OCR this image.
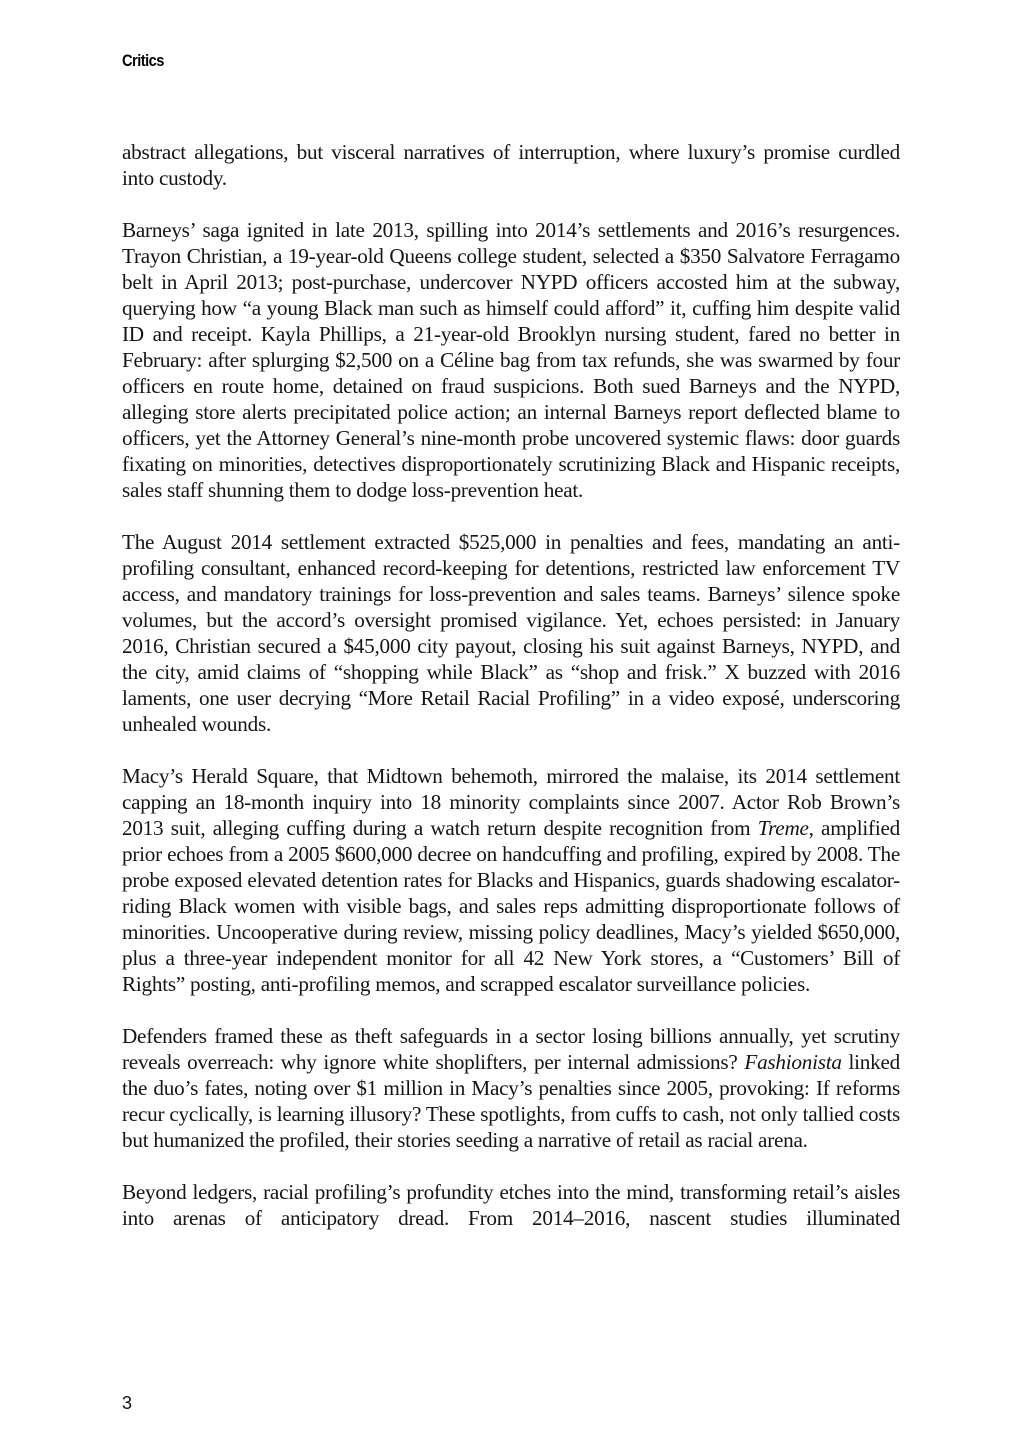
Critics

abstract allegations, but visceral narratives of interruption, where luxury’s promise curdled into custody.

Barneys’ saga ignited in late 2013, spilling into 2014’s settlements and 2016’s resurgences. Trayon Christian, a 19-year-old Queens college student, selected a $350 Salvatore Ferragamo belt in April 2013; post-purchase, undercover NYPD officers accosted him at the subway, querying how “a young Black man such as himself could afford” it, cuffing him despite valid ID and receipt. Kayla Phillips, a 21-year-old Brooklyn nursing student, fared no better in February: after splurging $2,500 on a Céline bag from tax refunds, she was swarmed by four officers en route home, detained on fraud suspicions. Both sued Barneys and the NYPD, alleging store alerts precipitated police action; an internal Barneys report deflected blame to officers, yet the Attorney General’s nine-month probe uncovered systemic flaws: door guards fixating on minorities, detectives disproportionately scrutinizing Black and Hispanic receipts, sales staff shunning them to dodge loss-prevention heat.

The August 2014 settlement extracted $525,000 in penalties and fees, mandating an anti-profiling consultant, enhanced record-keeping for detentions, restricted law enforcement TV access, and mandatory trainings for loss-prevention and sales teams. Barneys’ silence spoke volumes, but the accord’s oversight promised vigilance. Yet, echoes persisted: in January 2016, Christian secured a $45,000 city payout, closing his suit against Barneys, NYPD, and the city, amid claims of “shopping while Black” as “shop and frisk.” X buzzed with 2016 laments, one user decrying “More Retail Racial Profiling” in a video exposé, underscoring unhealed wounds.

Macy’s Herald Square, that Midtown behemoth, mirrored the malaise, its 2014 settlement capping an 18-month inquiry into 18 minority complaints since 2007. Actor Rob Brown’s 2013 suit, alleging cuffing during a watch return despite recognition from Treme, amplified prior echoes from a 2005 $600,000 decree on handcuffing and profiling, expired by 2008. The probe exposed elevated detention rates for Blacks and Hispanics, guards shadowing escalator-riding Black women with visible bags, and sales reps admitting disproportionate follows of minorities. Uncooperative during review, missing policy deadlines, Macy’s yielded $650,000, plus a three-year independent monitor for all 42 New York stores, a “Customers’ Bill of Rights” posting, anti-profiling memos, and scrapped escalator surveillance policies.

Defenders framed these as theft safeguards in a sector losing billions annually, yet scrutiny reveals overreach: why ignore white shoplifters, per internal admissions? Fashionista linked the duo’s fates, noting over $1 million in Macy’s penalties since 2005, provoking: If reforms recur cyclically, is learning illusory? These spotlights, from cuffs to cash, not only tallied costs but humanized the profiled, their stories seeding a narrative of retail as racial arena.

Beyond ledgers, racial profiling’s profundity etches into the mind, transforming retail’s aisles into arenas of anticipatory dread. From 2014–2016, nascent studies illuminated

3
